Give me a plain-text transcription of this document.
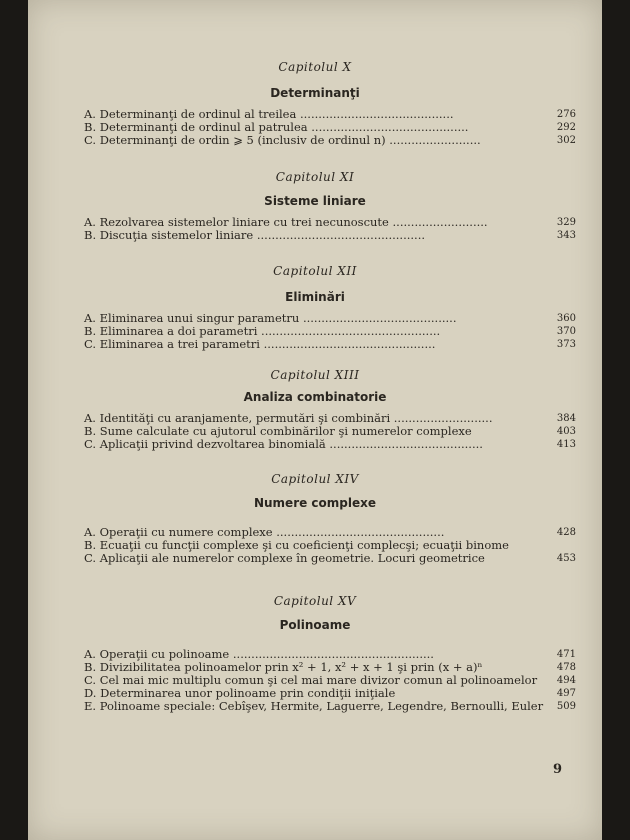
Capitolul X

Determinanţi

A. Determinanţi de ordinul al treilea ..........................................	276
B. Determinanţi de ordinul al patrulea ...........................................	292
C. Determinanţi de ordin ⩾ 5 (inclusiv de ordinul n) .........................	302

Capitolul XI

Sisteme liniare

A. Rezolvarea sistemelor liniare cu trei necunoscute ..........................	329
B. Discuţia sistemelor liniare ..............................................	343

Capitolul XII

Eliminări

A. Eliminarea unui singur parametru ..........................................	360
B. Eliminarea a doi parametri .................................................	370
C. Eliminarea a trei parametri ...............................................	373

Capitolul XIII

Analiza combinatorie

A. Identităţi cu aranjamente, permutări şi combinări ...........................	384
B. Sume calculate cu ajutorul combinărilor şi numerelor complexe	403
C. Aplicaţii privind dezvoltarea binomială ..........................................	413

Capitolul XIV

Numere complexe

A. Operaţii cu numere complexe ..............................................	428
B. Ecuaţii cu funcţii complexe şi cu coeficienţi complecşi; ecuaţii binome
C. Aplicaţii ale numerelor complexe în geometrie. Locuri geometrice	453

Capitolul XV

Polinoame

A. Operaţii cu polinoame .......................................................	471
B. Divizibilitatea polinoamelor prin x² + 1, x² + x + 1 şi prin (x + a)ⁿ	478
C. Cel mai mic multiplu comun şi cel mai mare divizor comun al polinoamelor 494
D. Determinarea unor polinoame prin condiţii iniţiale	497
E. Polinoame speciale: Cebîşev, Hermite, Laguerre, Legendre, Bernoulli, Euler 509
9
